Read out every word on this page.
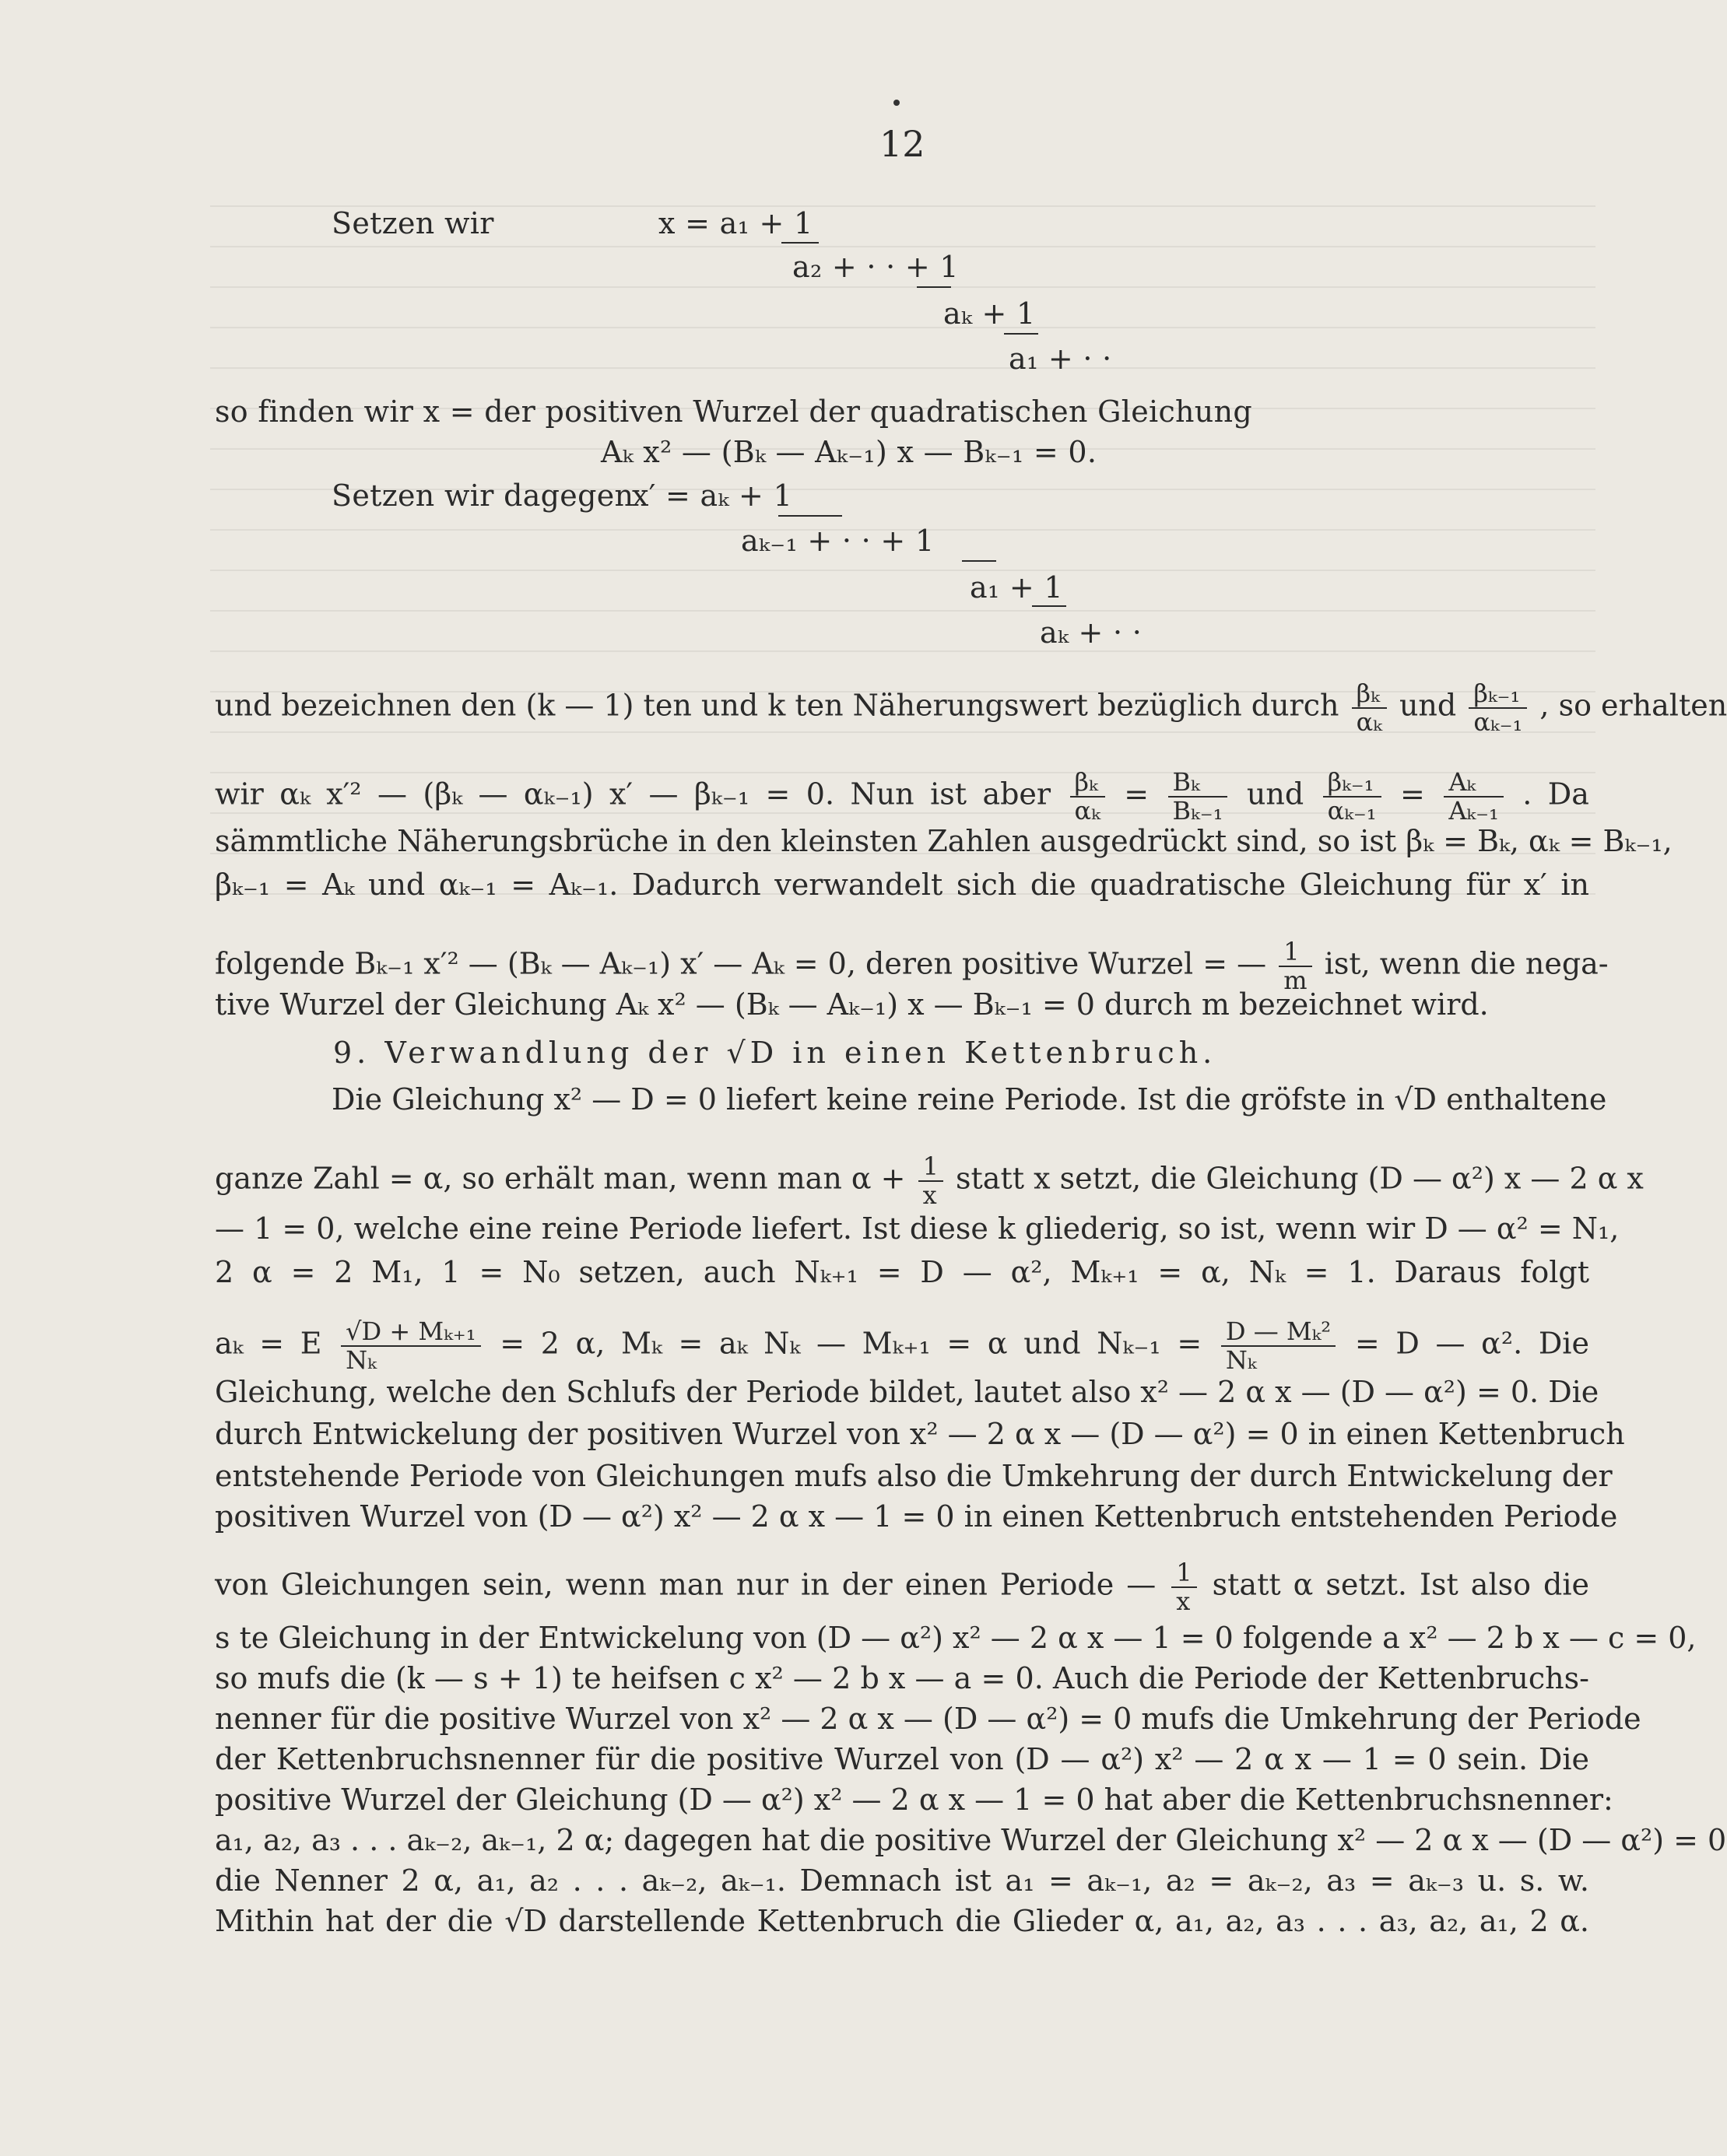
12
Setzen wir	x = a₁ + 1
a₂ + · · + 1
aₖ + 1
a₁ + · ·
so finden wir x = der positiven Wurzel der quadratischen Gleichung
Aₖ x² — (Bₖ — Aₖ₋₁) x — Bₖ₋₁ = 0.
Setzen wir dagegen
x′ = aₖ + 1
aₖ₋₁ + · · + 1
a₁ + 1
aₖ + · ·
und bezeichnen den (k — 1) ten und k ten Näherungswert bezüglich durch $\frac{\text{βₖ}}{\text{αₖ}}$ und $\frac{\text{βₖ₋₁}}{\text{αₖ₋₁}}$ , so erhalten
wir αₖ x′² — (βₖ — αₖ₋₁) x′ — βₖ₋₁ = 0. Nun ist aber $\frac{\text{βₖ}}{\text{αₖ}} = \frac{\text{Bₖ}}{\text{Bₖ₋₁}}$ und $\frac{\text{βₖ₋₁}}{\text{αₖ₋₁}} = \frac{\text{Aₖ}}{\text{Aₖ₋₁}}$ . Da
sämmtliche Näherungsbrüche in den kleinsten Zahlen ausgedrückt sind, so ist βₖ = Bₖ, αₖ = Bₖ₋₁,
βₖ₋₁ = Aₖ und αₖ₋₁ = Aₖ₋₁. Dadurch verwandelt sich die quadratische Gleichung für x′ in
folgende Bₖ₋₁ x′² — (Bₖ — Aₖ₋₁) x′ — Aₖ = 0, deren positive Wurzel = — $\frac{1}{m}$ ist, wenn die nega-
tive Wurzel der Gleichung Aₖ x² — (Bₖ — Aₖ₋₁) x — Bₖ₋₁ = 0 durch m bezeichnet wird.
9. Verwandlung der √D in einen Kettenbruch.
Die Gleichung x² — D = 0 liefert keine reine Periode. Ist die gröfste in √D enthaltene
ganze Zahl = α, so erhält man, wenn man $\alpha + \frac{1}{x}$ statt x setzt, die Gleichung (D — α²) x — 2 α x
— 1 = 0, welche eine reine Periode liefert. Ist diese k gliederig, so ist, wenn wir D — α² = N₁,
2 α = 2 M₁, 1 = N₀ setzen, auch Nₖ₊₁ = D — α², Mₖ₊₁ = α, Nₖ = 1. Daraus folgt
aₖ = E $\frac{\text{√D + Mₖ₊₁}}{\text{Nₖ}} = 2$ α, Mₖ = aₖ Nₖ — Mₖ₊₁ = α und $N_{k-1} = \frac{\text{D — Mₖ²}}{\text{Nₖ}} = D$ — α². Die
Gleichung, welche den Schlufs der Periode bildet, lautet also x² — 2 α x — (D — α²) = 0. Die
durch Entwickelung der positiven Wurzel von x² — 2 α x — (D — α²) = 0 in einen Kettenbruch
entstehende Periode von Gleichungen mufs also die Umkehrung der durch Entwickelung der
positiven Wurzel von (D — α²) x² — 2 α x — 1 = 0 in einen Kettenbruch entstehenden Periode
von Gleichungen sein, wenn man nur in der einen Periode — $\frac{1}{x}$ statt α setzt. Ist also die
s te Gleichung in der Entwickelung von (D — α²) x² — 2 α x — 1 = 0 folgende a x² — 2 b x — c = 0,
so mufs die (k — s + 1) te heifsen c x² — 2 b x — a = 0. Auch die Periode der Kettenbruchs-
nenner für die positive Wurzel von x² — 2 α x — (D — α²) = 0 mufs die Umkehrung der Periode
der Kettenbruchsnenner für die positive Wurzel von (D — α²) x² — 2 α x — 1 = 0 sein. Die
positive Wurzel der Gleichung (D — α²) x² — 2 α x — 1 = 0 hat aber die Kettenbruchsnenner:
a₁, a₂, a₃ . . . aₖ₋₂, aₖ₋₁, 2 α; dagegen hat die positive Wurzel der Gleichung x² — 2 α x — (D — α²) = 0
die Nenner 2 α, a₁, a₂ . . . aₖ₋₂, aₖ₋₁. Demnach ist a₁ = aₖ₋₁, a₂ = aₖ₋₂, a₃ = aₖ₋₃ u. s. w.
Mithin hat der die √D darstellende Kettenbruch die Glieder α, a₁, a₂, a₃ . . . a₃, a₂, a₁, 2 α.
